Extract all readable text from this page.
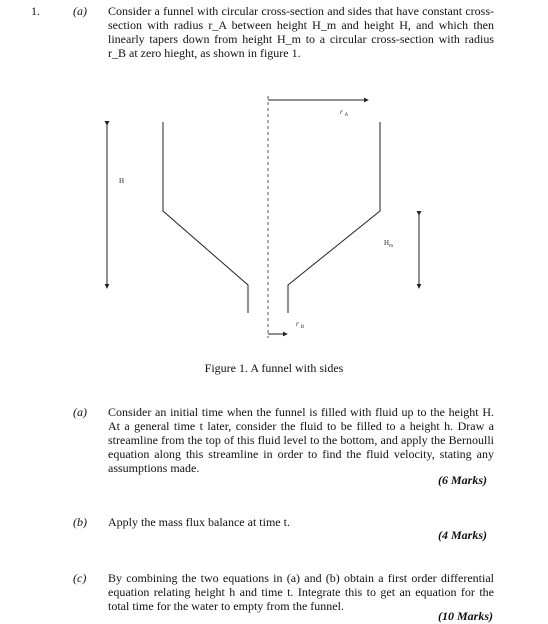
1.	(a) Consider a funnel with circular cross-section and sides that have constant cross-section with radius r_A between height H_m and height H, and which then linearly tapers down from height H_m to a circular cross-section with radius r_B at zero hieght, as shown in figure 1.
H
r $_A$
$H_m$
r $_B$
Figure 1. A funnel with sides
(a) Consider an initial time when the funnel is filled with fluid up to the height H. At a general time t later, consider the fluid to be filled to a height h. Draw a streamline from the top of this fluid level to the bottom, and apply the Bernoulli equation along this streamline in order to find the fluid velocity, stating any assumptions made.
(6 Marks)
(b) Apply the mass flux balance at time t.
(4 Marks)
(c) By combining the two equations in (a) and (b) obtain a first order differential equation relating height h and time t. Integrate this to get an equation for the total time for the water to empty from the funnel.
(10 Marks)
